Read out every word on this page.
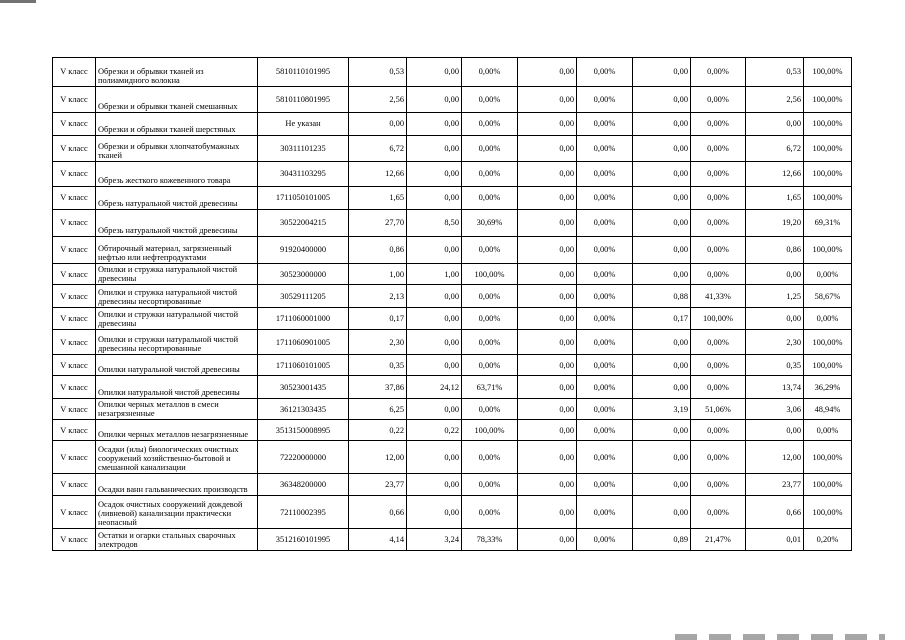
V класс	Обрезки и обрывки тканей из полиамидного волокна	5810110101995	0,53	0,00	0,00%	0,00	0,00%	0,00	0,00%	0,53	100,00%
V класс	Обрезки и обрывки тканей смешанных	5810110801995	2,56	0,00	0,00%	0,00	0,00%	0,00	0,00%	2,56	100,00%
V класс	Обрезки и обрывки тканей шерстяных	Не указан	0,00	0,00	0,00%	0,00	0,00%	0,00	0,00%	0,00	100,00%
V класс	Обрезки и обрывки хлопчатобумажных тканей	30311101235	6,72	0,00	0,00%	0,00	0,00%	0,00	0,00%	6,72	100,00%
V класс	Обрезь жесткого кожевенного товара	30431103295	12,66	0,00	0,00%	0,00	0,00%	0,00	0,00%	12,66	100,00%
V класс	Обрезь натуральной чистой древесины	1711050101005	1,65	0,00	0,00%	0,00	0,00%	0,00	0,00%	1,65	100,00%
V класс	Обрезь натуральной чистой древесины	30522004215	27,70	8,50	30,69%	0,00	0,00%	0,00	0,00%	19,20	69,31%
V класс	Обтирочный материал, загрязненный нефтью или нефтепродуктами	91920400000	0,86	0,00	0,00%	0,00	0,00%	0,00	0,00%	0,86	100,00%
V класс	Опилки и стружка натуральной чистой древесины	30523000000	1,00	1,00	100,00%	0,00	0,00%	0,00	0,00%	0,00	0,00%
V класс	Опилки и стружка натуральной чистой древесины несортированные	30529111205	2,13	0,00	0,00%	0,00	0,00%	0,88	41,33%	1,25	58,67%
V класс	Опилки и стружки натуральной чистой древесины	1711060001000	0,17	0,00	0,00%	0,00	0,00%	0,17	100,00%	0,00	0,00%
V класс	Опилки и стружки натуральной чистой древесины несортированные	1711060901005	2,30	0,00	0,00%	0,00	0,00%	0,00	0,00%	2,30	100,00%
V класс	Опилки натуральной чистой древесины	1711060101005	0,35	0,00	0,00%	0,00	0,00%	0,00	0,00%	0,35	100,00%
V класс	Опилки натуральной чистой древесины	30523001435	37,86	24,12	63,71%	0,00	0,00%	0,00	0,00%	13,74	36,29%
V класс	Опилки черных металлов в смеси незагрязненные	36121303435	6,25	0,00	0,00%	0,00	0,00%	3,19	51,06%	3,06	48,94%
V класс	Опилки черных металлов незагрязненные	3513150008995	0,22	0,22	100,00%	0,00	0,00%	0,00	0,00%	0,00	0,00%
V класс	Осадки (илы) биологических очистных сооружений хозяйственно-бытовой и смешанной канализации	72220000000	12,00	0,00	0,00%	0,00	0,00%	0,00	0,00%	12,00	100,00%
V класс	Осадки ванн гальванических производств	36348200000	23,77	0,00	0,00%	0,00	0,00%	0,00	0,00%	23,77	100,00%
V класс	Осадок очистных сооружений дождевой (ливневой) канализации практически неопасный	72110002395	0,66	0,00	0,00%	0,00	0,00%	0,00	0,00%	0,66	100,00%
V класс	Остатки и огарки стальных сварочных электродов	3512160101995	4,14	3,24	78,33%	0,00	0,00%	0,89	21,47%	0,01	0,20%
